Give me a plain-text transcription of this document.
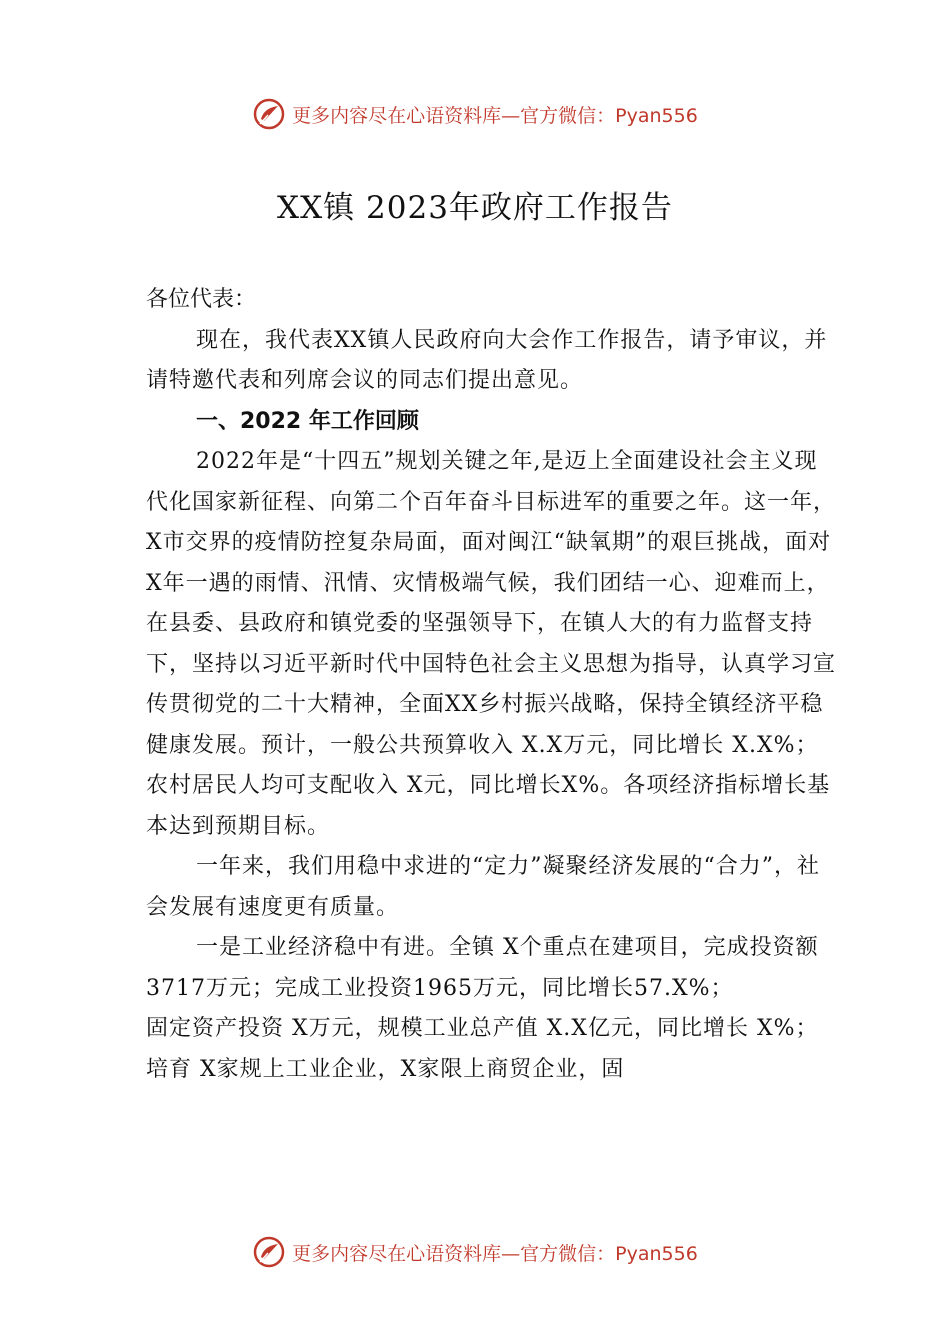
更多内容尽在心语资料库— 官方微信：Pyan556
XX镇 2023年政府工作报告

各位代表：

现在，我代表XX镇人民政府向大会作工作报告，请予审议，并请特邀代表和列席会议的同志们提出意见。

一、2022 年工作回顾

2022年是“十四五”规划关键之年,是迈上全面建设社会主义现代化国家新征程、向第二个百年奋斗目标进军的重要之年。这一年，X市交界的疫情防控复杂局面，面对闽江“缺氧期”的艰巨挑战，面对 X年一遇的雨情、汛情、灾情极端气候，我们团结一心、迎难而上，在县委、县政府和镇党委的坚强领导下，在镇人大的有力监督支持下，坚持以习近平新时代中国特色社会主义思想为指导，认真学习宣传贯彻党的二十大精神，全面XX乡村振兴战略，保持全镇经济平稳健康发展。预计，一般公共预算收入 X.X万元，同比增长 X.X%；农村居民人均可支配收入 X元，同比增长X%。各项经济指标增长基本达到预期目标。

一年来，我们用稳中求进的“定力”凝聚经济发展的“合力”，社会发展有速度更有质量。

一是工业经济稳中有进。全镇 X个重点在建项目，完成投资额3717万元；完成工业投资1965万元，同比增长57.X%；

固定资产投资 X万元，规模工业总产值 X.X亿元，同比增长 X%；培育 X家规上工业企业，X家限上商贸企业，固

更多内容尽在心语资料库— 官方微信：Pyan556
